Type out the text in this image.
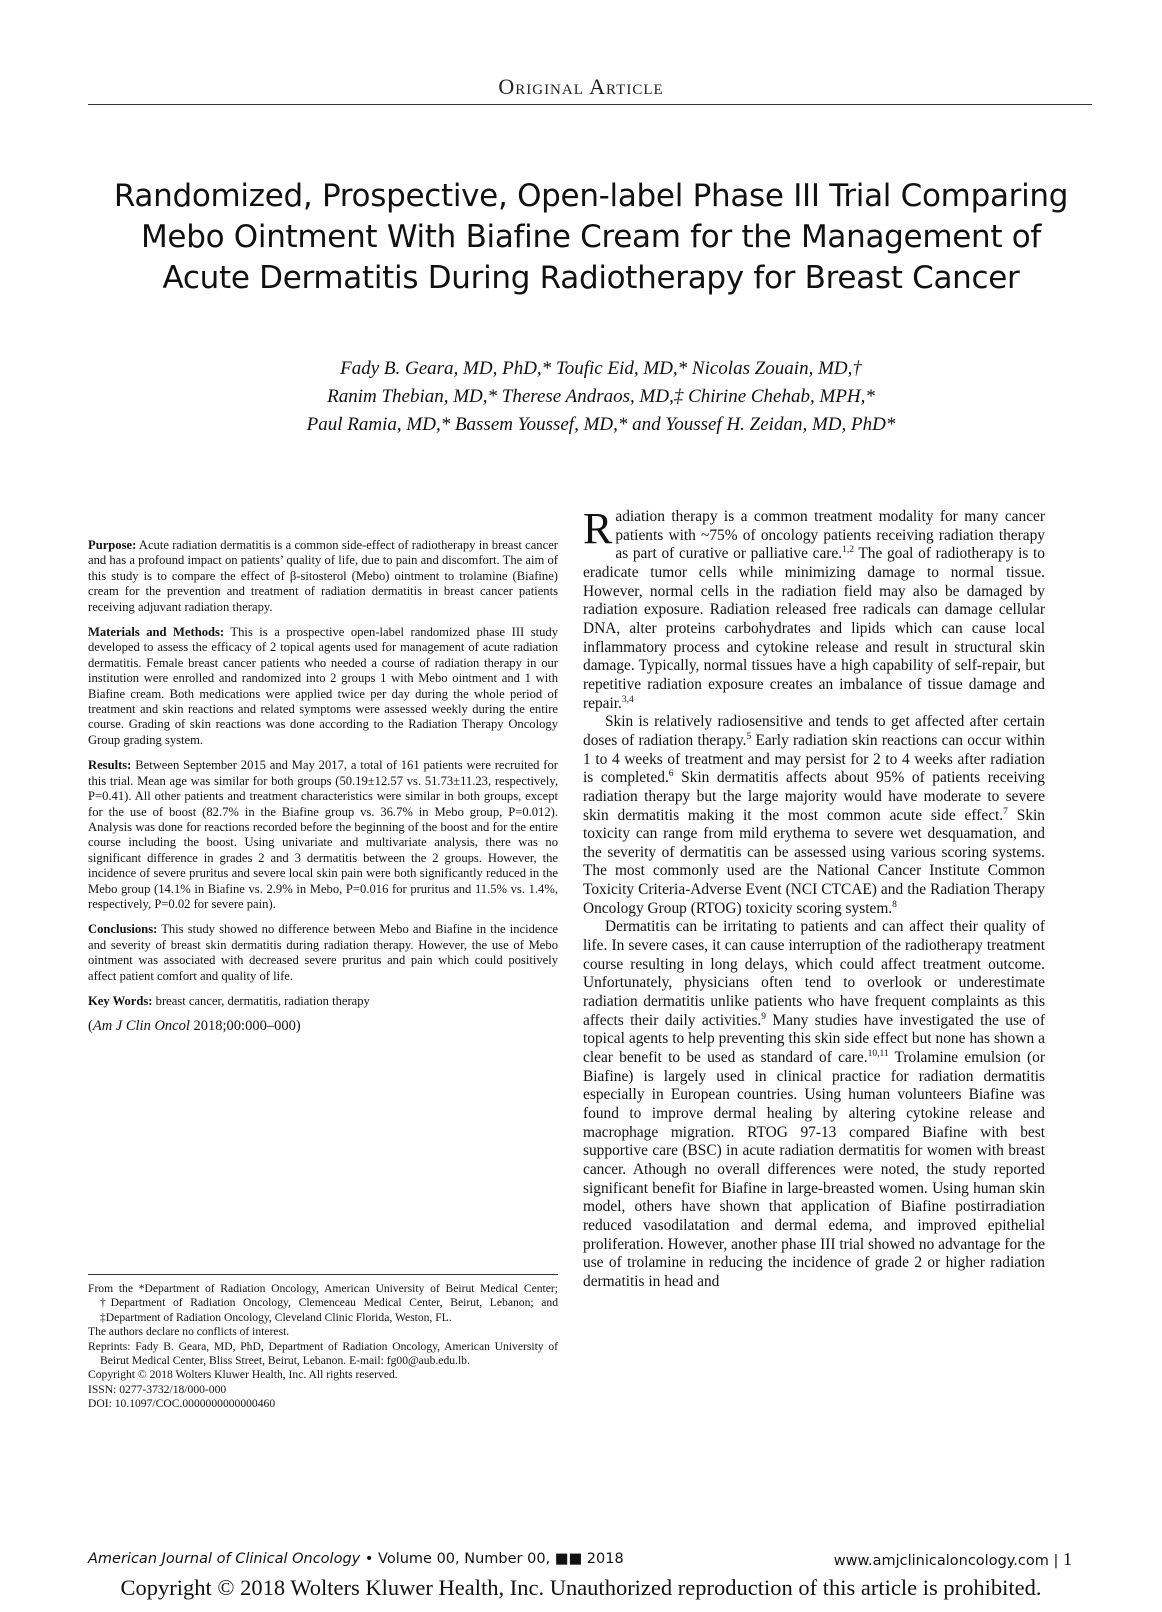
Original Article
Randomized, Prospective, Open-label Phase III Trial Comparing Mebo Ointment With Biafine Cream for the Management of Acute Dermatitis During Radiotherapy for Breast Cancer
Fady B. Geara, MD, PhD,* Toufic Eid, MD,* Nicolas Zouain, MD,†
Ranim Thebian, MD,* Therese Andraos, MD,‡ Chirine Chehab, MPH,*
Paul Ramia, MD,* Bassem Youssef, MD,* and Youssef H. Zeidan, MD, PhD*

Purpose: Acute radiation dermatitis is a common side-effect of radiotherapy in breast cancer and has a profound impact on patients’ quality of life, due to pain and discomfort. The aim of this study is to compare the effect of β-sitosterol (Mebo) ointment to trolamine (Biafine) cream for the prevention and treatment of radiation dermatitis in breast cancer patients receiving adjuvant radiation therapy.

Materials and Methods: This is a prospective open-label randomized phase III study developed to assess the efficacy of 2 topical agents used for management of acute radiation dermatitis. Female breast cancer patients who needed a course of radiation therapy in our institution were enrolled and randomized into 2 groups 1 with Mebo ointment and 1 with Biafine cream. Both medications were applied twice per day during the whole period of treatment and skin reactions and related symptoms were assessed weekly during the entire course. Grading of skin reactions was done according to the Radiation Therapy Oncology Group grading system.

Results: Between September 2015 and May 2017, a total of 161 patients were recruited for this trial. Mean age was similar for both groups (50.19±12.57 vs. 51.73±11.23, respectively, P=0.41). All other patients and treatment characteristics were similar in both groups, except for the use of boost (82.7% in the Biafine group vs. 36.7% in Mebo group, P=0.012). Analysis was done for reactions recorded before the beginning of the boost and for the entire course including the boost. Using univariate and multivariate analysis, there was no significant difference in grades 2 and 3 dermatitis between the 2 groups. However, the incidence of severe pruritus and severe local skin pain were both significantly reduced in the Mebo group (14.1% in Biafine vs. 2.9% in Mebo, P=0.016 for pruritus and 11.5% vs. 1.4%, respectively, P=0.02 for severe pain).

Conclusions: This study showed no difference between Mebo and Biafine in the incidence and severity of breast skin dermatitis during radiation therapy. However, the use of Mebo ointment was associated with decreased severe pruritus and pain which could positively affect patient comfort and quality of life.

Key Words: breast cancer, dermatitis, radiation therapy

(Am J Clin Oncol 2018;00:000–000)

From the *Department of Radiation Oncology, American University of Beirut Medical Center; †Department of Radiation Oncology, Clemenceau Medical Center, Beirut, Lebanon; and ‡Department of Radiation Oncology, Cleveland Clinic Florida, Weston, FL.

The authors declare no conflicts of interest.

Reprints: Fady B. Geara, MD, PhD, Department of Radiation Oncology, American University of Beirut Medical Center, Bliss Street, Beirut, Lebanon. E-mail: fg00@aub.edu.lb.

Copyright © 2018 Wolters Kluwer Health, Inc. All rights reserved.

ISSN: 0277-3732/18/000-000

DOI: 10.1097/COC.0000000000000460

Radiation therapy is a common treatment modality for many cancer patients with ~75% of oncology patients receiving radiation therapy as part of curative or palliative care.$^{1,2}$ The goal of radiotherapy is to eradicate tumor cells while minimizing damage to normal tissue. However, normal cells in the radiation field may also be damaged by radiation exposure. Radiation released free radicals can damage cellular DNA, alter proteins carbohydrates and lipids which can cause local inflammatory process and cytokine release and result in structural skin damage. Typically, normal tissues have a high capability of self-repair, but repetitive radiation exposure creates an imbalance of tissue damage and repair.$^{3,4}$

Skin is relatively radiosensitive and tends to get affected after certain doses of radiation therapy.$^5$ Early radiation skin reactions can occur within 1 to 4 weeks of treatment and may persist for 2 to 4 weeks after radiation is completed.$^6$ Skin dermatitis affects about 95% of patients receiving radiation therapy but the large majority would have moderate to severe skin dermatitis making it the most common acute side effect.$^7$ Skin toxicity can range from mild erythema to severe wet desquamation, and the severity of dermatitis can be assessed using various scoring systems. The most commonly used are the National Cancer Institute Common Toxicity Criteria-Adverse Event (NCI CTCAE) and the Radiation Therapy Oncology Group (RTOG) toxicity scoring system.$^8$

Dermatitis can be irritating to patients and can affect their quality of life. In severe cases, it can cause interruption of the radiotherapy treatment course resulting in long delays, which could affect treatment outcome. Unfortunately, physicians often tend to overlook or underestimate radiation dermatitis unlike patients who have frequent complaints as this affects their daily activities.$^9$ Many studies have investigated the use of topical agents to help preventing this skin side effect but none has shown a clear benefit to be used as standard of care.$^{10,11}$ Trolamine emulsion (or Biafine) is largely used in clinical practice for radiation dermatitis especially in European countries. Using human volunteers Biafine was found to improve dermal healing by altering cytokine release and macrophage migration. RTOG 97-13 compared Biafine with best supportive care (BSC) in acute radiation dermatitis for women with breast cancer. Athough no overall differences were noted, the study reported significant benefit for Biafine in large-breasted women. Using human skin model, others have shown that application of Biafine postirradiation reduced vasodilatation and dermal edema, and improved epithelial proliferation. However, another phase III trial showed no advantage for the use of trolamine in reducing the incidence of grade 2 or higher radiation dermatitis in head and

American Journal of Clinical Oncology • Volume 00, Number 00, ■■ 2018	www.amjclinicaloncology.com | 1
Copyright © 2018 Wolters Kluwer Health, Inc. Unauthorized reproduction of this article is prohibited.
